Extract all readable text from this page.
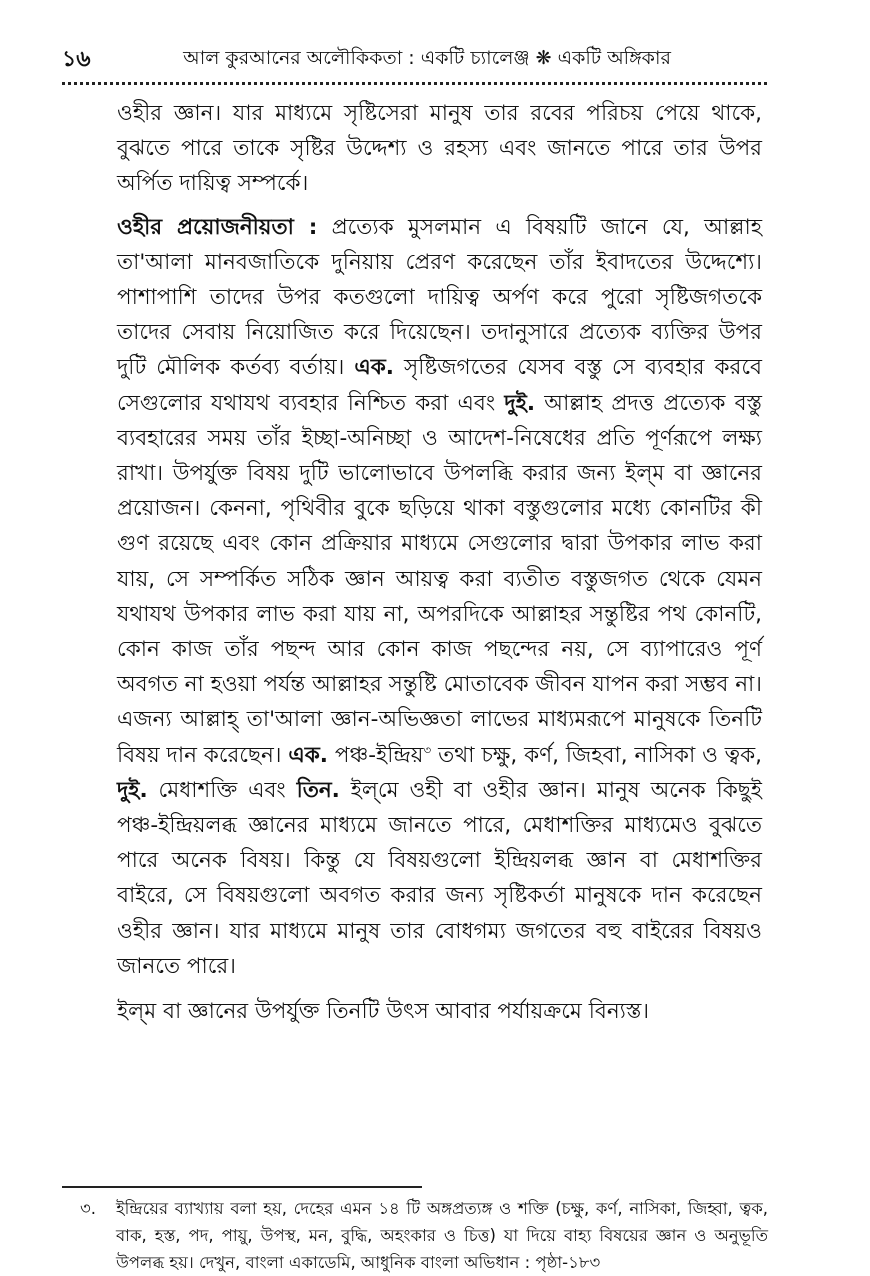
১৬	আল কুরআনের অলৌকিকতা : একটি চ্যালেঞ্জ ❋ একটি অঙ্গিকার

ওহীর জ্ঞান। যার মাধ্যমে সৃষ্টিসেরা মানুষ তার রবের পরিচয় পেয়ে থাকে, বুঝতে পারে তাকে সৃষ্টির উদ্দেশ্য ও রহস্য এবং জানতে পারে তার উপর অর্পিত দায়িত্ব সম্পর্কে।

ওহীর প্রয়োজনীয়তা : প্রত্যেক মুসলমান এ বিষয়টি জানে যে, আল্লাহ তা'আলা মানবজাতিকে দুনিয়ায় প্রেরণ করেছেন তাঁর ইবাদতের উদ্দেশ্যে। পাশাপাশি তাদের উপর কতগুলো দায়িত্ব অর্পণ করে পুরো সৃষ্টিজগতকে তাদের সেবায় নিয়োজিত করে দিয়েছেন। তদানুসারে প্রত্যেক ব্যক্তির উপর দুটি মৌলিক কর্তব্য বর্তায়। এক. সৃষ্টিজগতের যেসব বস্তু সে ব্যবহার করবে সেগুলোর যথাযথ ব্যবহার নিশ্চিত করা এবং দুই. আল্লাহ প্রদত্ত প্রত্যেক বস্তু ব্যবহারের সময় তাঁর ইচ্ছা-অনিচ্ছা ও আদেশ-নিষেধের প্রতি পূর্ণরূপে লক্ষ্য রাখা। উপর্যুক্ত বিষয় দুটি ভালোভাবে উপলব্ধি করার জন্য ইল্‌ম বা জ্ঞানের প্রয়োজন। কেননা, পৃথিবীর বুকে ছড়িয়ে থাকা বস্তুগুলোর মধ্যে কোনটির কী গুণ রয়েছে এবং কোন প্রক্রিয়ার মাধ্যমে সেগুলোর দ্বারা উপকার লাভ করা যায়, সে সম্পর্কিত সঠিক জ্ঞান আয়ত্ব করা ব্যতীত বস্তুজগত থেকে যেমন যথাযথ উপকার লাভ করা যায় না, অপরদিকে আল্লাহর সন্তুষ্টির পথ কোনটি, কোন কাজ তাঁর পছন্দ আর কোন কাজ পছন্দের নয়, সে ব্যাপারেও পূর্ণ অবগত না হওয়া পর্যন্ত আল্লাহর সন্তুষ্টি মোতাবেক জীবন যাপন করা সম্ভব না। এজন্য আল্লাহ্‌ তা'আলা জ্ঞান-অভিজ্ঞতা লাভের মাধ্যমরূপে মানুষকে তিনটি বিষয় দান করেছেন। এক. পঞ্চ-ইন্দ্রিয়$^৩$ তথা চক্ষু, কর্ণ, জিহবা, নাসিকা ও ত্বক, দুই. মেধাশক্তি এবং তিন. ইল্‌মে ওহী বা ওহীর জ্ঞান। মানুষ অনেক কিছুই পঞ্চ-ইন্দ্রিয়লব্ধ জ্ঞানের মাধ্যমে জানতে পারে, মেধাশক্তির মাধ্যমেও বুঝতে পারে অনেক বিষয়। কিন্তু যে বিষয়গুলো ইন্দ্রিয়লব্ধ জ্ঞান বা মেধাশক্তির বাইরে, সে বিষয়গুলো অবগত করার জন্য সৃষ্টিকর্তা মানুষকে দান করেছেন ওহীর জ্ঞান। যার মাধ্যমে মানুষ তার বোধগম্য জগতের বহু বাইরের বিষয়ও জানতে পারে।

ইল্‌ম বা জ্ঞানের উপর্যুক্ত তিনটি উৎস আবার পর্যায়ক্রমে বিন্যস্ত।

৩.	ইন্দ্রিয়ের ব্যাখ্যায় বলা হয়, দেহের এমন ১৪ টি অঙ্গপ্রত্যঙ্গ ও শক্তি (চক্ষু, কর্ণ, নাসিকা, জিহ্বা, ত্বক, বাক, হস্ত, পদ, পায়ু, উপস্থ, মন, বুদ্ধি, অহংকার ও চিত্ত) যা দিয়ে বাহ্য বিষয়ের জ্ঞান ও অনুভূতি উপলব্ধ হয়। দেখুন, বাংলা একাডেমি, আধুনিক বাংলা অভিধান : পৃষ্ঠা-১৮৩
